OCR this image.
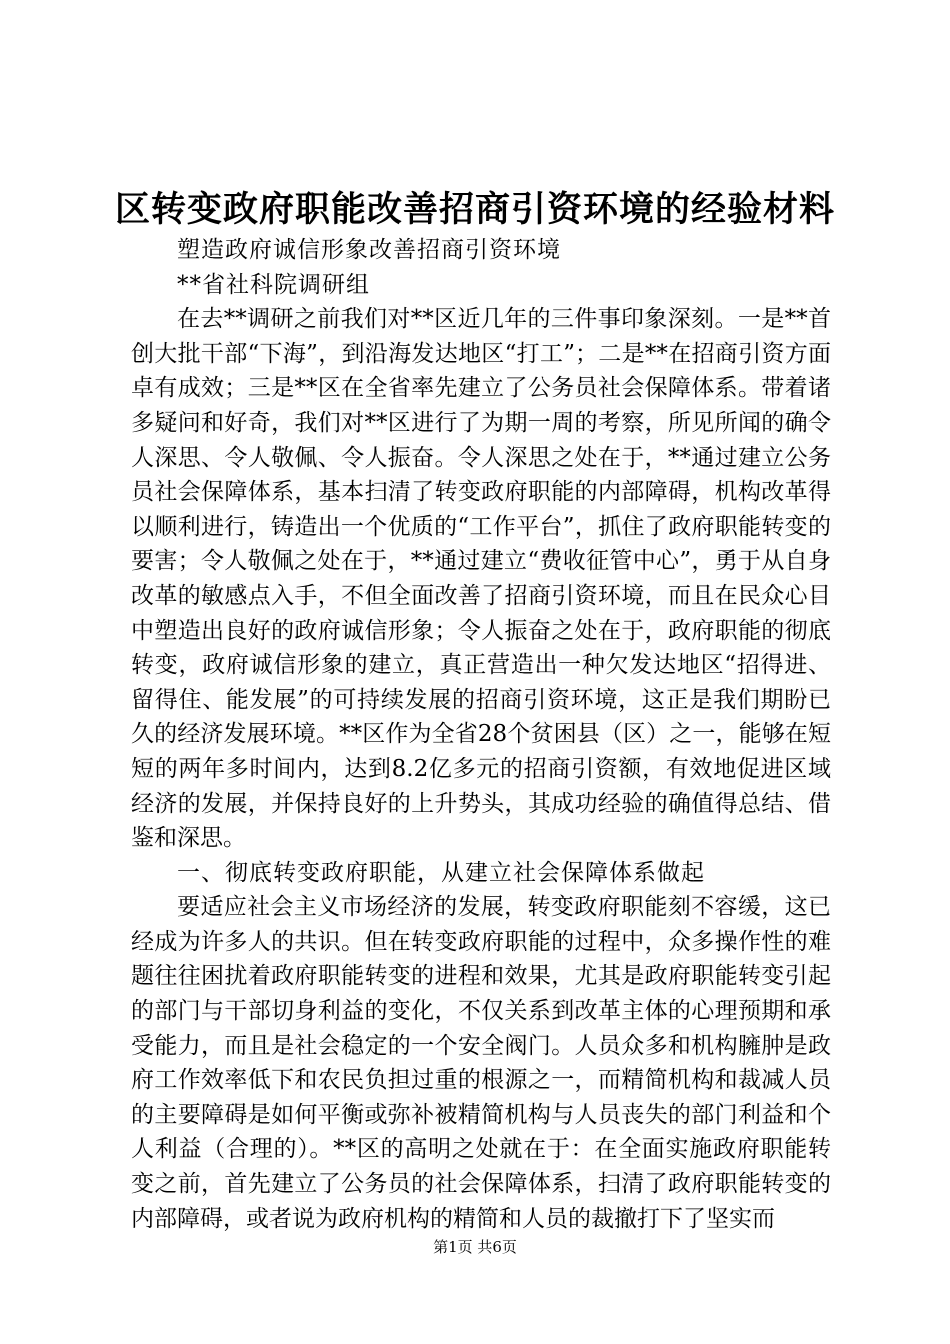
区转变政府职能改善招商引资环境的经验材料

塑造政府诚信形象改善招商引资环境

**省社科院调研组

在去**调研之前我们对**区近几年的三件事印象深刻。一是**首创大批干部“下海”，到沿海发达地区“打工”；二是**在招商引资方面卓有成效；三是**区在全省率先建立了公务员社会保障体系。带着诸多疑问和好奇，我们对**区进行了为期一周的考察，所见所闻的确令人深思、令人敬佩、令人振奋。令人深思之处在于，**通过建立公务员社会保障体系，基本扫清了转变政府职能的内部障碍，机构改革得以顺利进行，铸造出一个优质的“工作平台”，抓住了政府职能转变的要害；令人敬佩之处在于，**通过建立“费收征管中心”，勇于从自身改革的敏感点入手，不但全面改善了招商引资环境，而且在民众心目中塑造出良好的政府诚信形象；令人振奋之处在于，政府职能的彻底转变，政府诚信形象的建立，真正营造出一种欠发达地区“招得进、留得住、能发展”的可持续发展的招商引资环境，这正是我们期盼已久的经济发展环境。**区作为全省28个贫困县（区）之一，能够在短短的两年多时间内，达到8.2亿多元的招商引资额，有效地促进区域经济的发展，并保持良好的上升势头，其成功经验的确值得总结、借鉴和深思。

一、彻底转变政府职能，从建立社会保障体系做起

要适应社会主义市场经济的发展，转变政府职能刻不容缓，这已经成为许多人的共识。但在转变政府职能的过程中，众多操作性的难题往往困扰着政府职能转变的进程和效果，尤其是政府职能转变引起的部门与干部切身利益的变化，不仅关系到改革主体的心理预期和承受能力，而且是社会稳定的一个安全阀门。人员众多和机构臃肿是政府工作效率低下和农民负担过重的根源之一，而精简机构和裁减人员的主要障碍是如何平衡或弥补被精简机构与人员丧失的部门利益和个人利益（合理的）。**区的高明之处就在于：在全面实施政府职能转变之前，首先建立了公务员的社会保障体系，扫清了政府职能转变的内部障碍，或者说为政府机构的精简和人员的裁撤打下了坚实而

第1页 共6页
